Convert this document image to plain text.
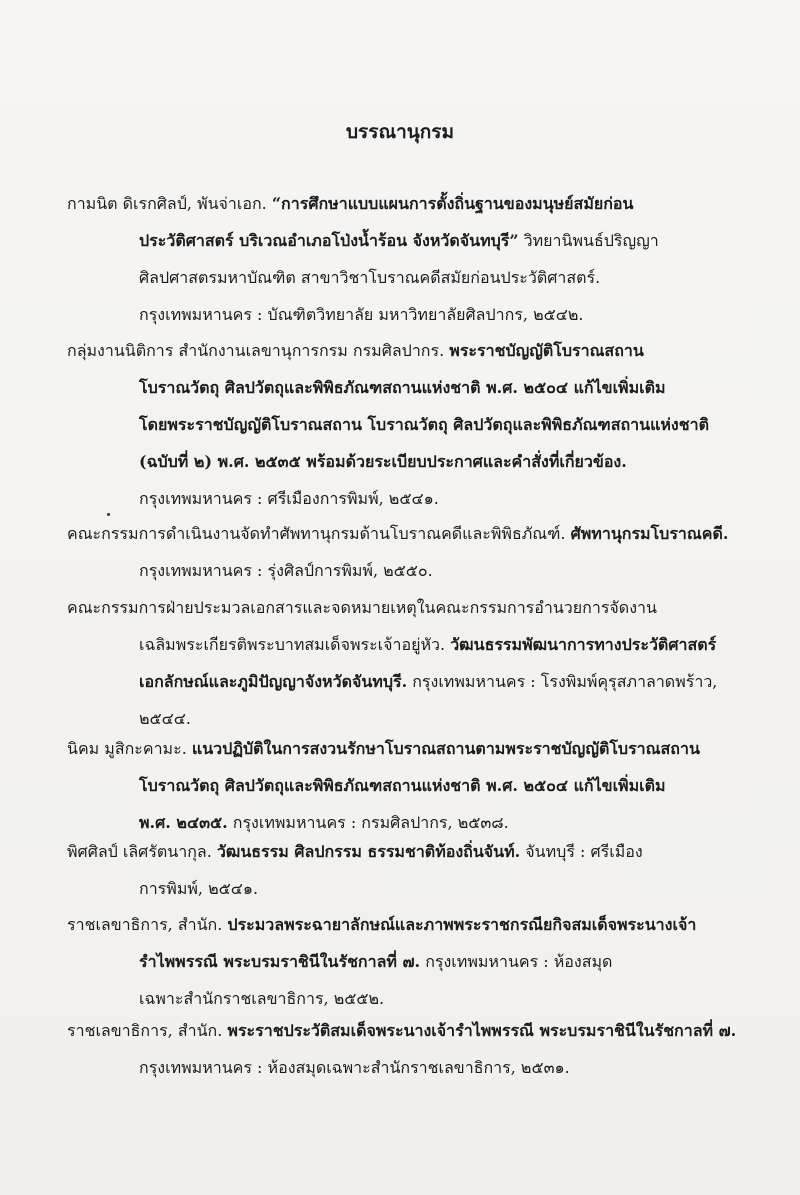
บรรณานุกรม
กามนิต ดิเรกศิลป์, พันจ่าเอก. “การศึกษาแบบแผนการตั้งถิ่นฐานของมนุษย์สมัยก่อน
ประวัติศาสตร์ บริเวณอำเภอโป่งน้ำร้อน จังหวัดจันทบุรี” วิทยานิพนธ์ปริญญา
ศิลปศาสตรมหาบัณฑิต สาขาวิชาโบราณคดีสมัยก่อนประวัติศาสตร์.
กรุงเทพมหานคร : บัณฑิตวิทยาลัย มหาวิทยาลัยศิลปากร, ๒๕๔๒.
กลุ่มงานนิติการ สำนักงานเลขานุการกรม กรมศิลปากร. พระราชบัญญัติโบราณสถาน
โบราณวัตถุ ศิลปวัตถุและพิพิธภัณฑสถานแห่งชาติ พ.ศ. ๒๕๐๔ แก้ไขเพิ่มเติม
โดยพระราชบัญญัติโบราณสถาน โบราณวัตถุ ศิลปวัตถุและพิพิธภัณฑสถานแห่งชาติ
(ฉบับที่ ๒) พ.ศ. ๒๕๓๕ พร้อมด้วยระเบียบประกาศและคำสั่งที่เกี่ยวข้อง.
กรุงเทพมหานคร : ศรีเมืองการพิมพ์, ๒๕๔๑.
คณะกรรมการดำเนินงานจัดทำศัพทานุกรมด้านโบราณคดีและพิพิธภัณฑ์. ศัพทานุกรมโบราณคดี.
กรุงเทพมหานคร : รุ่งศิลป์การพิมพ์, ๒๕๕๐.
คณะกรรมการฝ่ายประมวลเอกสารและจดหมายเหตุในคณะกรรมการอำนวยการจัดงาน
เฉลิมพระเกียรติพระบาทสมเด็จพระเจ้าอยู่หัว. วัฒนธรรมพัฒนาการทางประวัติศาสตร์
เอกลักษณ์และภูมิปัญญาจังหวัดจันทบุรี. กรุงเทพมหานคร : โรงพิมพ์คุรุสภาลาดพร้าว,
๒๕๔๔.
นิคม มูสิกะคามะ. แนวปฏิบัติในการสงวนรักษาโบราณสถานตามพระราชบัญญัติโบราณสถาน
โบราณวัตถุ ศิลปวัตถุและพิพิธภัณฑสถานแห่งชาติ พ.ศ. ๒๕๐๔ แก้ไขเพิ่มเติม
พ.ศ. ๒๔๓๕. กรุงเทพมหานคร : กรมศิลปากร, ๒๕๓๘.
พิศศิลป์ เลิศรัตนากุล. วัฒนธรรม ศิลปกรรม ธรรมชาติท้องถิ่นจันท์. จันทบุรี : ศรีเมือง
การพิมพ์, ๒๕๔๑.
ราชเลขาธิการ, สำนัก. ประมวลพระฉายาลักษณ์และภาพพระราชกรณียกิจสมเด็จพระนางเจ้า
รำไพพรรณี พระบรมราชินีในรัชกาลที่ ๗. กรุงเทพมหานคร : ห้องสมุด
เฉพาะสำนักราชเลขาธิการ, ๒๕๕๒.
ราชเลขาธิการ, สำนัก. พระราชประวัติสมเด็จพระนางเจ้ารำไพพรรณี พระบรมราชินีในรัชกาลที่ ๗.
กรุงเทพมหานคร : ห้องสมุดเฉพาะสำนักราชเลขาธิการ, ๒๕๓๑.
